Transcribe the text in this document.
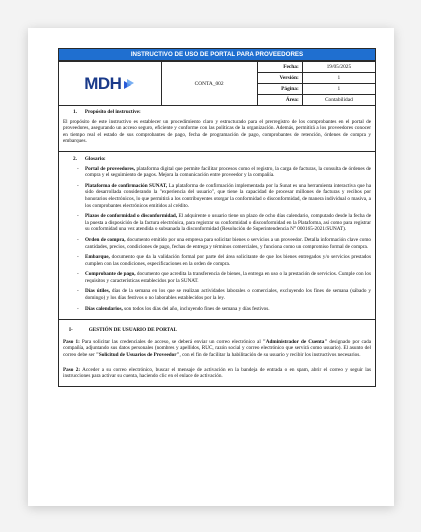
INSTRUCTIVO DE USO DE PORTAL PARA PROVEEDORES
MDH	CONTA_002	Fecha:	19/05/2025
		Versión:	1
		Página:	1
		Área:	Contabilidad
1. Propósito del instructive:

El propósito de este instructivo es establecer un procedimiento claro y estructurado para el prerregistro de los comprobantes en el portal de proveedores, asegurando un acceso seguro, eficiente y conforme con las políticas de la organización. Además, permitirá a los proveedores conocer en tiempo real el estado de sus comprobantes de pago, fecha de programación de pago, comprobantes de retención, órdenes de compra y embarques.

2. Glosario:
- Portal de proveedores, plataforma digital que permite facilitar procesos como el registro, la carga de facturas, la consulta de órdenes de compra y el seguimiento de pagos. Mejora la comunicación entre proveedor y la compañía.
- Plataforma de confirmación SUNAT, La plataforma de confirmación implementada por la Sunat es una herramienta interactiva que ha sido desarrollada considerando la "experiencia del usuario", que tiene la capacidad de procesar millones de facturas y recibos por honorarios electrónicos, lo que permitirá a los contribuyentes otorgar la conformidad o disconformidad, de manera individual o masiva, a los comprobantes electrónicos emitidos al crédito.
- Plazos de conformidad o disconformidad, El adquirente o usuario tiene un plazo de ocho días calendario, computado desde la fecha de la puesta a disposición de la factura electrónica, para registrar su conformidad o disconformidad en la Plataforma, así como para registrar su conformidad una vez atendida o subsanada la disconformidad (Resolución de Superintendencia N° 000165-2021/SUNAT).
- Orden de compra, documento emitido por una empresa para solicitar bienes o servicios a un proveedor. Detalla información clave como cantidades, precios, condiciones de pago, fechas de entrega y términos comerciales, y funciona como un compromiso formal de compra.
- Embarque, documento que da la validación formal por parte del área solicitante de que los bienes entregados y/o servicios prestados cumplen con las condiciones, especificaciones en la orden de compra.
- Comprobante de pago, documento que acredita la transferencia de bienes, la entrega en uso o la prestación de servicios. Cumple con los requisitos y características establecidos por la SUNAT.
- Días útiles, días de la semana en los que se realizan actividades laborales o comerciales, excluyendo los fines de semana (sábado y domingo) y los días festivos o no laborables establecidos por la ley.
- Días calendarios, son todos los días del año, incluyendo fines de semana y días festivos.
I-	GESTIÓN DE USUARIO DE PORTAL

Paso 1: Para solicitar las credenciales de acceso, se deberá enviar un correo electrónico al "Administrador de Cuenta" designado por cada compañía, adjuntando sus datos personales (nombres y apellidos, RUC, razón social y correo electrónico que servirá como usuario). El asunto del correo debe ser "Solicitud de Usuarios de Proveedor", con el fin de facilitar la habilitación de su usuario y recibir los instructivos necesarios.

Paso 2: Acceder a su correo electrónico, buscar el mensaje de activación en la bandeja de entrada o en spam, abrir el correo y seguir las instrucciones para activar su cuenta, haciendo clic en el enlace de activación.
